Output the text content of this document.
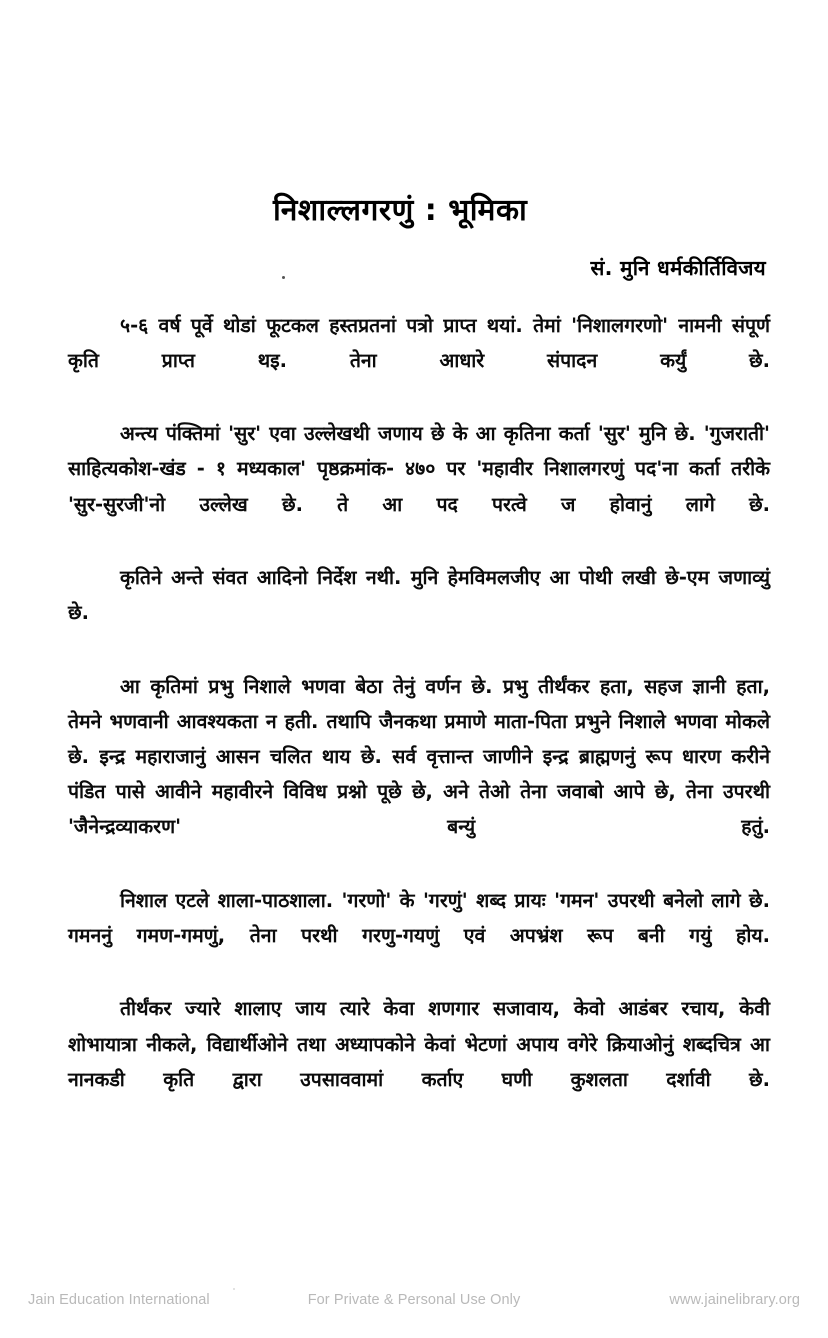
निशाल्लगरणुं : भूमिका
सं. मुनि धर्मकीर्तिविजय

५-६ वर्ष पूर्वे थोडां फूटकल हस्तप्रतनां पत्रो प्राप्त थयां. तेमां 'निशालगरणो' नामनी संपूर्ण कृति प्राप्त थइ. तेना आधारे संपादन कर्युं छे.

अन्त्य पंक्तिमां 'सुर' एवा उल्लेखथी जणाय छे के आ कृतिना कर्ता 'सुर' मुनि छे. 'गुजराती' साहित्यकोश-खंड - १ मध्यकाल' पृष्ठक्रमांक- ४७० पर 'महावीर निशालगरणुं पद'ना कर्ता तरीके 'सुर-सुरजी'नो उल्लेख छे. ते आ पद परत्वे ज होवानुं लागे छे.

कृतिने अन्ते संवत आदिनो निर्देश नथी. मुनि हेमविमलजीए आ पोथी लखी छे-एम जणाव्युं छे.

आ कृतिमां प्रभु निशाले भणवा बेठा तेनुं वर्णन छे. प्रभु तीर्थंकर हता, सहज ज्ञानी हता, तेमने भणवानी आवश्यकता न हती. तथापि जैनकथा प्रमाणे माता-पिता प्रभुने निशाले भणवा मोकले छे. इन्द्र महाराजानुं आसन चलित थाय छे. सर्व वृत्तान्त जाणीने इन्द्र ब्राह्मणनुं रूप धारण करीने पंडित पासे आवीने महावीरने विविध प्रश्नो पूछे छे, अने तेओ तेना जवाबो आपे छे, तेना उपरथी 'जैनेन्द्रव्याकरण' बन्युं हतुं.

निशाल एटले शाला-पाठशाला. 'गरणो' के 'गरणुं' शब्द प्रायः 'गमन' उपरथी बनेलो लागे छे. गमननुं गमण-गमणुं, तेना परथी गरणु-गयणुं एवं अपभ्रंश रूप बनी गयुं होय.

तीर्थंकर ज्यारे शालाए जाय त्यारे केवा शणगार सजावाय, केवो आडंबर रचाय, केवी शोभायात्रा नीकले, विद्यार्थीओने तथा अध्यापकोने केवां भेटणां अपाय वगेरे क्रियाओनुं शब्दचित्र आ नानकडी कृति द्वारा उपसाववामां कर्ताए घणी कुशलता दर्शावी छे.

Jain Education International	For Private & Personal Use Only	www.jainelibrary.org
